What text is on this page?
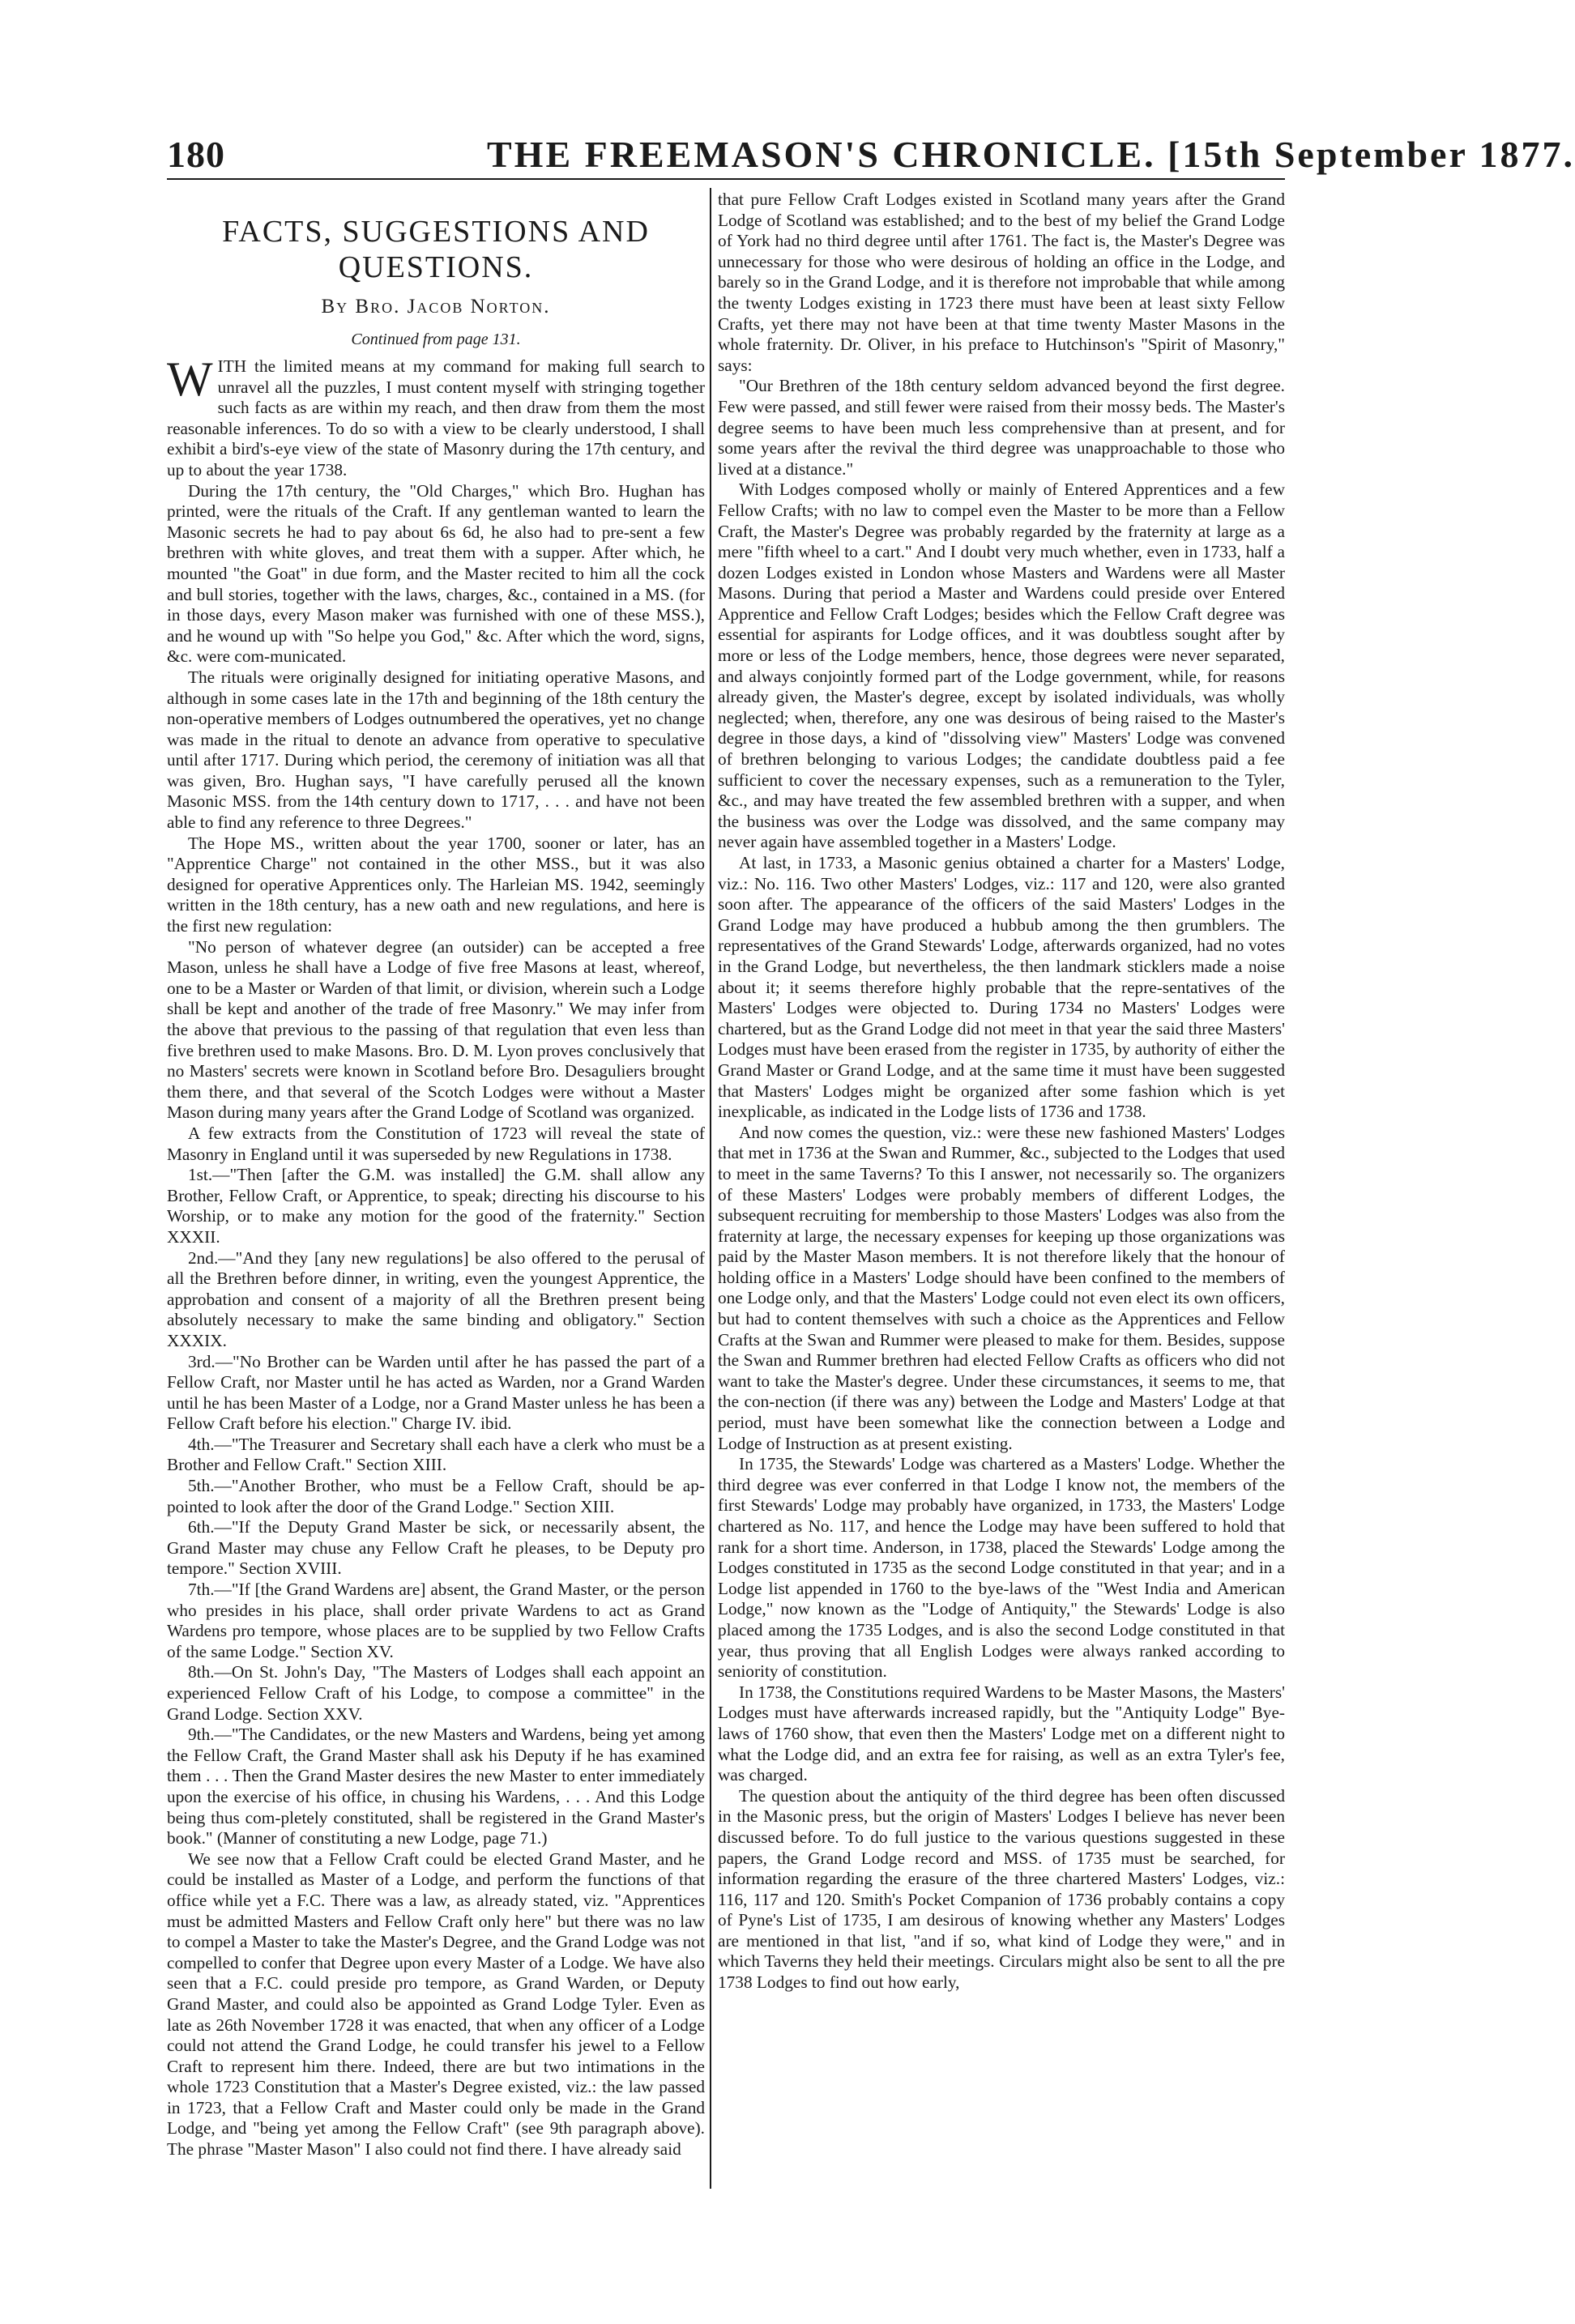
180	THE FREEMASON'S CHRONICLE. [15th September 1877.
FACTS, SUGGESTIONS AND QUESTIONS.
By Bro. Jacob Norton.
Continued from page 131.

WITH the limited means at my command for making full search to unravel all the puzzles, I must content myself with stringing together such facts as are within my reach, and then draw from them the most reasonable inferences. To do so with a view to be clearly understood, I shall exhibit a bird's-eye view of the state of Masonry during the 17th century, and up to about the year 1738.

During the 17th century, the "Old Charges," which Bro. Hughan has printed, were the rituals of the Craft. If any gentleman wanted to learn the Masonic secrets he had to pay about 6s 6d, he also had to pre-sent a few brethren with white gloves, and treat them with a supper. After which, he mounted "the Goat" in due form, and the Master recited to him all the cock and bull stories, together with the laws, charges, &c., contained in a MS. (for in those days, every Mason maker was furnished with one of these MSS.), and he wound up with "So helpe you God," &c. After which the word, signs, &c. were com-municated.

The rituals were originally designed for initiating operative Masons, and although in some cases late in the 17th and beginning of the 18th century the non-operative members of Lodges outnumbered the operatives, yet no change was made in the ritual to denote an advance from operative to speculative until after 1717. During which period, the ceremony of initiation was all that was given, Bro. Hughan says, "I have carefully perused all the known Masonic MSS. from the 14th century down to 1717, . . . and have not been able to find any reference to three Degrees."

The Hope MS., written about the year 1700, sooner or later, has an "Apprentice Charge" not contained in the other MSS., but it was also designed for operative Apprentices only. The Harleian MS. 1942, seemingly written in the 18th century, has a new oath and new regulations, and here is the first new regulation:

"No person of whatever degree (an outsider) can be accepted a free Mason, unless he shall have a Lodge of five free Masons at least, whereof, one to be a Master or Warden of that limit, or division, wherein such a Lodge shall be kept and another of the trade of free Masonry." We may infer from the above that previous to the passing of that regulation that even less than five brethren used to make Masons. Bro. D. M. Lyon proves conclusively that no Masters' secrets were known in Scotland before Bro. Desaguliers brought them there, and that several of the Scotch Lodges were without a Master Mason during many years after the Grand Lodge of Scotland was organized.

A few extracts from the Constitution of 1723 will reveal the state of Masonry in England until it was superseded by new Regulations in 1738.

1st.—"Then [after the G.M. was installed] the G.M. shall allow any Brother, Fellow Craft, or Apprentice, to speak; directing his discourse to his Worship, or to make any motion for the good of the fraternity." Section XXXII.

2nd.—"And they [any new regulations] be also offered to the perusal of all the Brethren before dinner, in writing, even the youngest Apprentice, the approbation and consent of a majority of all the Brethren present being absolutely necessary to make the same binding and obligatory." Section XXXIX.

3rd.—"No Brother can be Warden until after he has passed the part of a Fellow Craft, nor Master until he has acted as Warden, nor a Grand Warden until he has been Master of a Lodge, nor a Grand Master unless he has been a Fellow Craft before his election." Charge IV. ibid.

4th.—"The Treasurer and Secretary shall each have a clerk who must be a Brother and Fellow Craft." Section XIII.

5th.—"Another Brother, who must be a Fellow Craft, should be ap-pointed to look after the door of the Grand Lodge." Section XIII.

6th.—"If the Deputy Grand Master be sick, or necessarily absent, the Grand Master may chuse any Fellow Craft he pleases, to be Deputy pro tempore." Section XVIII.

7th.—"If [the Grand Wardens are] absent, the Grand Master, or the person who presides in his place, shall order private Wardens to act as Grand Wardens pro tempore, whose places are to be supplied by two Fellow Crafts of the same Lodge." Section XV.

8th.—On St. John's Day, "The Masters of Lodges shall each appoint an experienced Fellow Craft of his Lodge, to compose a committee" in the Grand Lodge. Section XXV.

9th.—"The Candidates, or the new Masters and Wardens, being yet among the Fellow Craft, the Grand Master shall ask his Deputy if he has examined them . . . Then the Grand Master desires the new Master to enter immediately upon the exercise of his office, in chusing his Wardens, . . . And this Lodge being thus com-pletely constituted, shall be registered in the Grand Master's book." (Manner of constituting a new Lodge, page 71.)

We see now that a Fellow Craft could be elected Grand Master, and he could be installed as Master of a Lodge, and perform the functions of that office while yet a F.C. There was a law, as already stated, viz. "Apprentices must be admitted Masters and Fellow Craft only here" but there was no law to compel a Master to take the Master's Degree, and the Grand Lodge was not compelled to confer that Degree upon every Master of a Lodge. We have also seen that a F.C. could preside pro tempore, as Grand Warden, or Deputy Grand Master, and could also be appointed as Grand Lodge Tyler. Even as late as 26th November 1728 it was enacted, that when any officer of a Lodge could not attend the Grand Lodge, he could transfer his jewel to a Fellow Craft to represent him there. Indeed, there are but two intimations in the whole 1723 Constitution that a Master's Degree existed, viz.: the law passed in 1723, that a Fellow Craft and Master could only be made in the Grand Lodge, and "being yet among the Fellow Craft" (see 9th paragraph above). The phrase "Master Mason" I also could not find there. I have already said

that pure Fellow Craft Lodges existed in Scotland many years after the Grand Lodge of Scotland was established; and to the best of my belief the Grand Lodge of York had no third degree until after 1761. The fact is, the Master's Degree was unnecessary for those who were desirous of holding an office in the Lodge, and barely so in the Grand Lodge, and it is therefore not improbable that while among the twenty Lodges existing in 1723 there must have been at least sixty Fellow Crafts, yet there may not have been at that time twenty Master Masons in the whole fraternity. Dr. Oliver, in his preface to Hutchinson's "Spirit of Masonry," says:

"Our Brethren of the 18th century seldom advanced beyond the first degree. Few were passed, and still fewer were raised from their mossy beds. The Master's degree seems to have been much less comprehensive than at present, and for some years after the revival the third degree was unapproachable to those who lived at a distance."

With Lodges composed wholly or mainly of Entered Apprentices and a few Fellow Crafts; with no law to compel even the Master to be more than a Fellow Craft, the Master's Degree was probably regarded by the fraternity at large as a mere "fifth wheel to a cart." And I doubt very much whether, even in 1733, half a dozen Lodges existed in London whose Masters and Wardens were all Master Masons. During that period a Master and Wardens could preside over Entered Apprentice and Fellow Craft Lodges; besides which the Fellow Craft degree was essential for aspirants for Lodge offices, and it was doubtless sought after by more or less of the Lodge members, hence, those degrees were never separated, and always conjointly formed part of the Lodge government, while, for reasons already given, the Master's degree, except by isolated individuals, was wholly neglected; when, therefore, any one was desirous of being raised to the Master's degree in those days, a kind of "dissolving view" Masters' Lodge was convened of brethren belonging to various Lodges; the candidate doubtless paid a fee sufficient to cover the necessary expenses, such as a remuneration to the Tyler, &c., and may have treated the few assembled brethren with a supper, and when the business was over the Lodge was dissolved, and the same company may never again have assembled together in a Masters' Lodge.

At last, in 1733, a Masonic genius obtained a charter for a Masters' Lodge, viz.: No. 116. Two other Masters' Lodges, viz.: 117 and 120, were also granted soon after. The appearance of the officers of the said Masters' Lodges in the Grand Lodge may have produced a hubbub among the then grumblers. The representatives of the Grand Stewards' Lodge, afterwards organized, had no votes in the Grand Lodge, but nevertheless, the then landmark sticklers made a noise about it; it seems therefore highly probable that the repre-sentatives of the Masters' Lodges were objected to. During 1734 no Masters' Lodges were chartered, but as the Grand Lodge did not meet in that year the said three Masters' Lodges must have been erased from the register in 1735, by authority of either the Grand Master or Grand Lodge, and at the same time it must have been suggested that Masters' Lodges might be organized after some fashion which is yet inexplicable, as indicated in the Lodge lists of 1736 and 1738.

And now comes the question, viz.: were these new fashioned Masters' Lodges that met in 1736 at the Swan and Rummer, &c., subjected to the Lodges that used to meet in the same Taverns? To this I answer, not necessarily so. The organizers of these Masters' Lodges were probably members of different Lodges, the subsequent recruiting for membership to those Masters' Lodges was also from the fraternity at large, the necessary expenses for keeping up those organizations was paid by the Master Mason members. It is not therefore likely that the honour of holding office in a Masters' Lodge should have been confined to the members of one Lodge only, and that the Masters' Lodge could not even elect its own officers, but had to content themselves with such a choice as the Apprentices and Fellow Crafts at the Swan and Rummer were pleased to make for them. Besides, suppose the Swan and Rummer brethren had elected Fellow Crafts as officers who did not want to take the Master's degree. Under these circumstances, it seems to me, that the con-nection (if there was any) between the Lodge and Masters' Lodge at that period, must have been somewhat like the connection between a Lodge and Lodge of Instruction as at present existing.

In 1735, the Stewards' Lodge was chartered as a Masters' Lodge. Whether the third degree was ever conferred in that Lodge I know not, the members of the first Stewards' Lodge may probably have organized, in 1733, the Masters' Lodge chartered as No. 117, and hence the Lodge may have been suffered to hold that rank for a short time. Anderson, in 1738, placed the Stewards' Lodge among the Lodges constituted in 1735 as the second Lodge constituted in that year; and in a Lodge list appended in 1760 to the bye-laws of the "West India and American Lodge," now known as the "Lodge of Antiquity," the Stewards' Lodge is also placed among the 1735 Lodges, and is also the second Lodge constituted in that year, thus proving that all English Lodges were always ranked according to seniority of constitution.

In 1738, the Constitutions required Wardens to be Master Masons, the Masters' Lodges must have afterwards increased rapidly, but the "Antiquity Lodge" Bye-laws of 1760 show, that even then the Masters' Lodge met on a different night to what the Lodge did, and an extra fee for raising, as well as an extra Tyler's fee, was charged.

The question about the antiquity of the third degree has been often discussed in the Masonic press, but the origin of Masters' Lodges I believe has never been discussed before. To do full justice to the various questions suggested in these papers, the Grand Lodge record and MSS. of 1735 must be searched, for information regarding the erasure of the three chartered Masters' Lodges, viz.: 116, 117 and 120. Smith's Pocket Companion of 1736 probably contains a copy of Pyne's List of 1735, I am desirous of knowing whether any Masters' Lodges are mentioned in that list, "and if so, what kind of Lodge they were," and in which Taverns they held their meetings. Circulars might also be sent to all the pre 1738 Lodges to find out how early,
